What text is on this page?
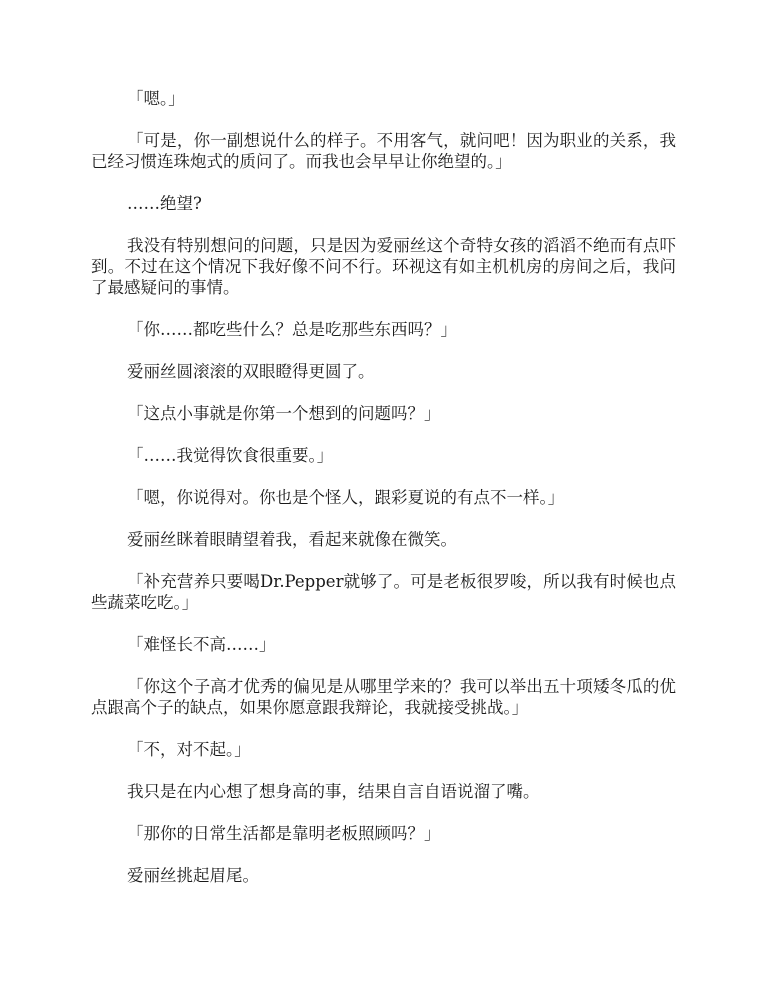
「嗯。」

「可是，你一副想说什么的样子。不用客气，就问吧！因为职业的关系，我已经习惯连珠炮式的质问了。而我也会早早让你绝望的。」

……绝望?

我没有特别想问的问题，只是因为爱丽丝这个奇特女孩的滔滔不绝而有点吓到。不过在这个情况下我好像不问不行。环视这有如主机机房的房间之后，我问了最感疑问的事情。

「你……都吃些什么？总是吃那些东西吗？」

爱丽丝圆滚滚的双眼瞪得更圆了。

「这点小事就是你第一个想到的问题吗？」

「……我觉得饮食很重要。」

「嗯，你说得对。你也是个怪人，跟彩夏说的有点不一样。」

爱丽丝眯着眼睛望着我，看起来就像在微笑。

「补充营养只要喝Dr.Pepper就够了。可是老板很罗唆，所以我有时候也点些蔬菜吃吃。」

「难怪长不高……」

「你这个子高才优秀的偏见是从哪里学来的？我可以举出五十项矮冬瓜的优点跟高个子的缺点，如果你愿意跟我辩论，我就接受挑战。」

「不，对不起。」

我只是在内心想了想身高的事，结果自言自语说溜了嘴。

「那你的日常生活都是靠明老板照顾吗？」

爱丽丝挑起眉尾。
